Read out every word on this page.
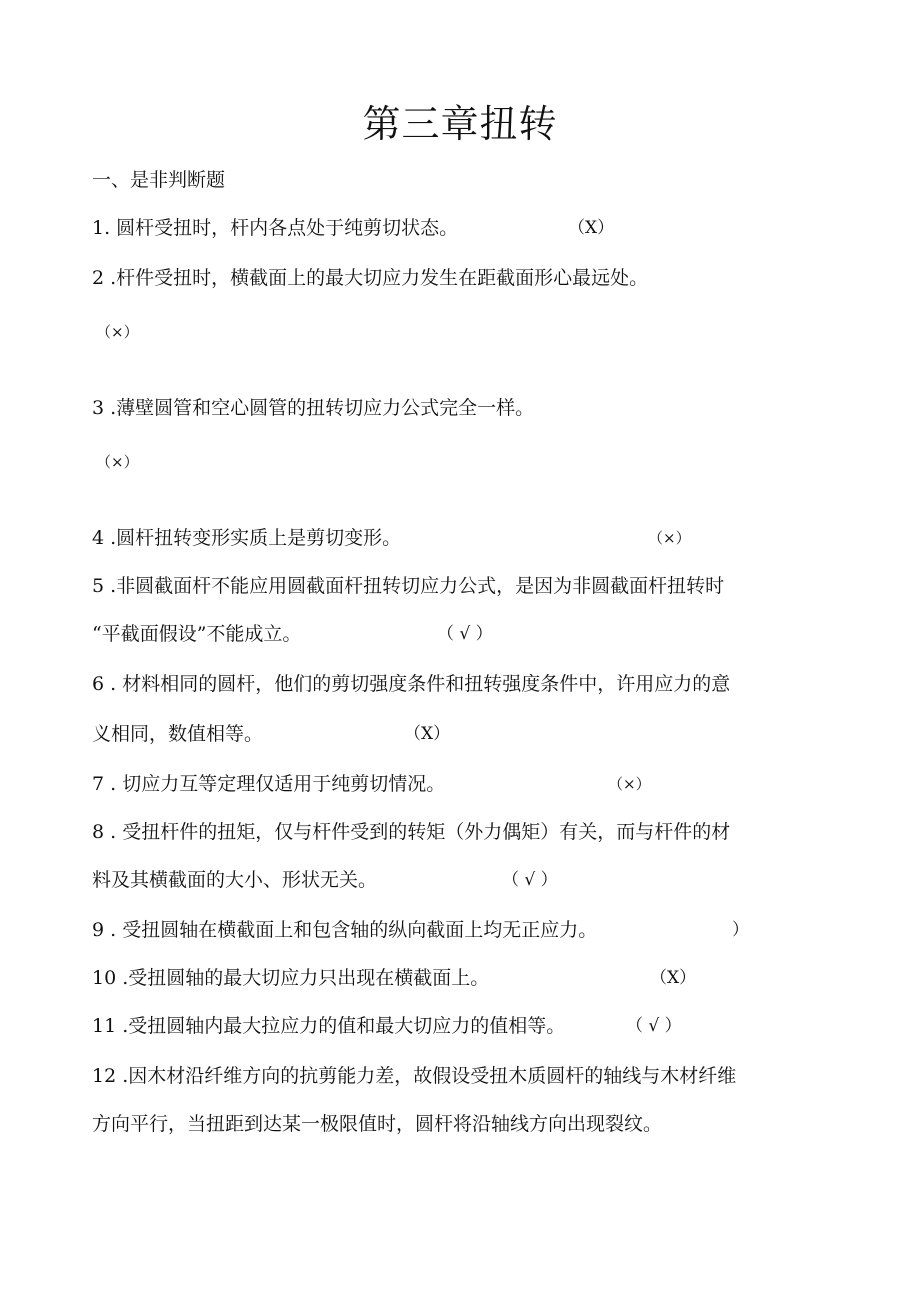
第三章扭转
一、是非判断题
1. 圆杆受扭时，杆内各点处于纯剪切状态。	（X）
2 .杆件受扭时，横截面上的最大切应力发生在距截面形心最远处。
（×）
3 .薄壁圆管和空心圆管的扭转切应力公式完全一样。
（×）
4 .圆杆扭转变形实质上是剪切变形。	（×）
5 .非圆截面杆不能应用圆截面杆扭转切应力公式，是因为非圆截面杆扭转时
“平截面假设”不能成立。	（ √ ）
6 . 材料相同的圆杆，他们的剪切强度条件和扭转强度条件中，许用应力的意
义相同，数值相等。	（X）
7 . 切应力互等定理仅适用于纯剪切情况。	（×）
8 . 受扭杆件的扭矩，仅与杆件受到的转矩（外力偶矩）有关，而与杆件的材
料及其横截面的大小、形状无关。	（ √ ）
9 . 受扭圆轴在横截面上和包含轴的纵向截面上均无正应力。	）
10 .受扭圆轴的最大切应力只出现在横截面上。	（X）
11 .受扭圆轴内最大拉应力的值和最大切应力的值相等。	（ √ ）
12 .因木材沿纤维方向的抗剪能力差，故假设受扭木质圆杆的轴线与木材纤维
方向平行，当扭距到达某一极限值时，圆杆将沿轴线方向出现裂纹。
